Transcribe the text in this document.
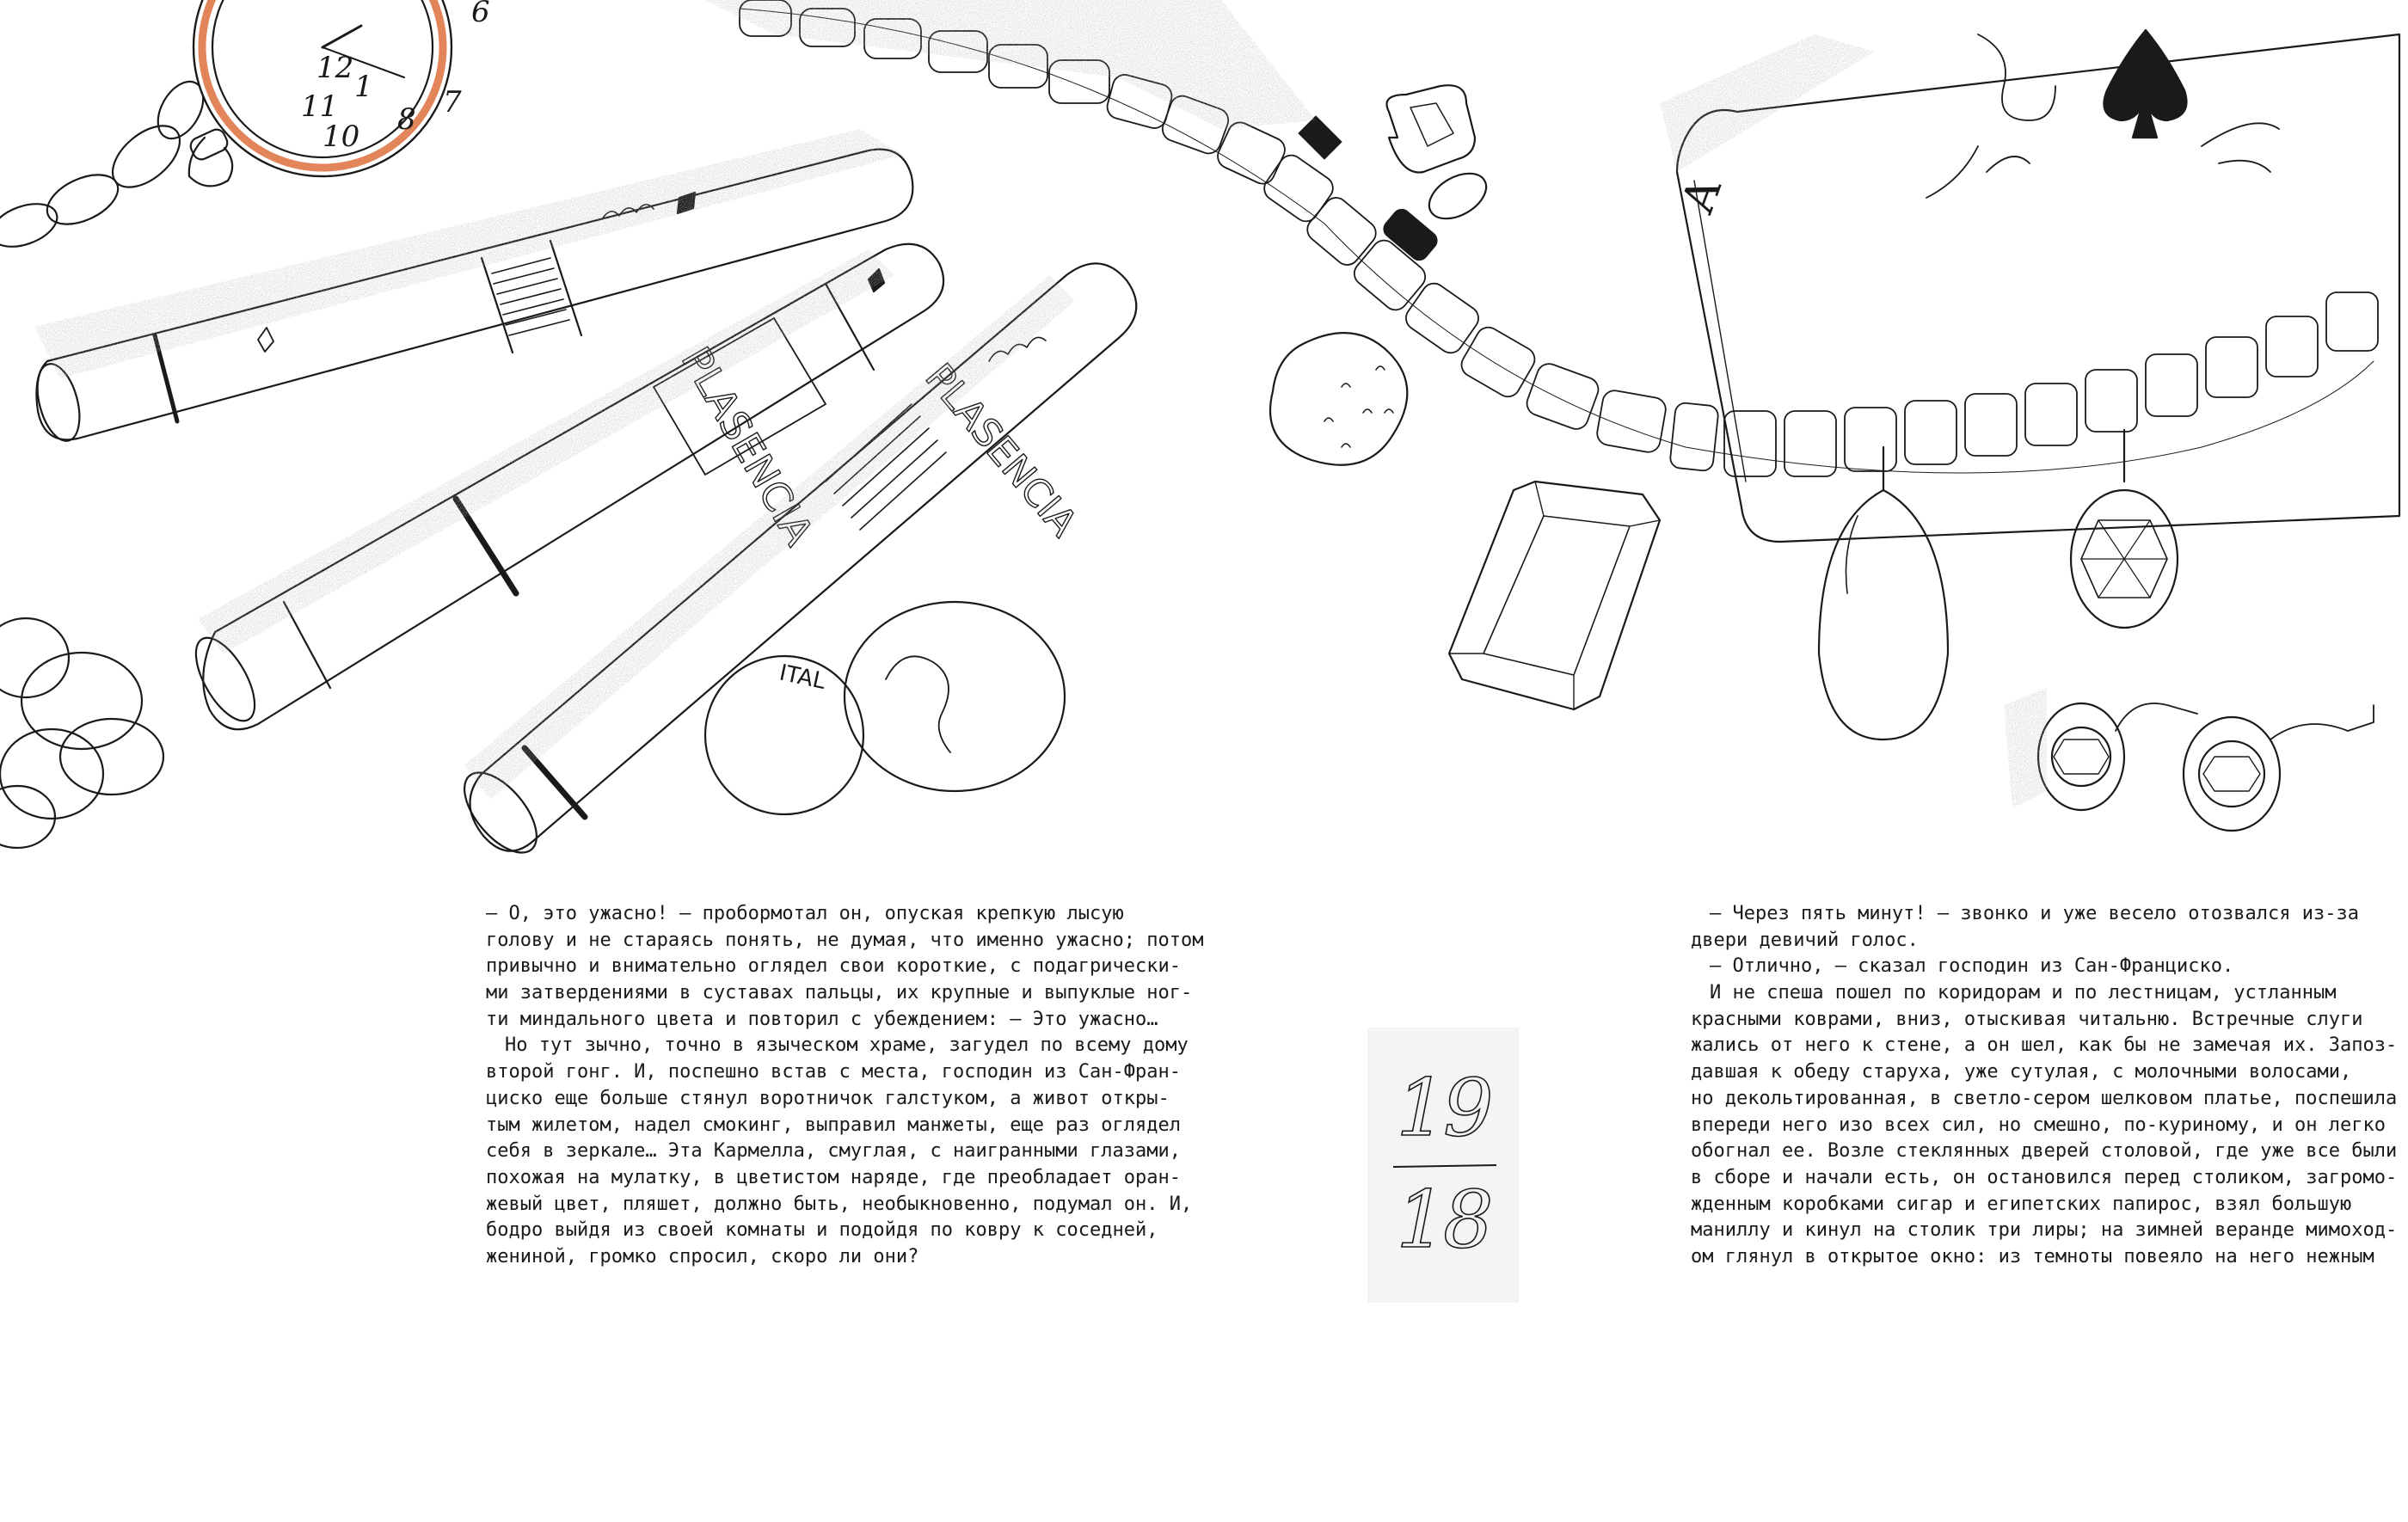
12
1
11
10 8 7
6
PLASENCIA PLASENCIA
ITAL
A
— О, это ужасно! — пробормотал он, опуская крепкую лысую
голову и не стараясь понять, не думая, что именно ужасно; потом
привычно и внимательно оглядел свои короткие, с подагрически-
ми затвердениями в суставах пальцы, их крупные и выпуклые ног-
ти миндального цвета и повторил с убеждением: — Это ужасно…
Но тут зычно, точно в языческом храме, загудел по всему дому
второй гонг. И, поспешно встав с места, господин из Сан-Фран-
циско еще больше стянул воротничок галстуком, а живот откры-
тым жилетом, надел смокинг, выправил манжеты, еще раз оглядел
себя в зеркале… Эта Кармелла, смуглая, с наигранными глазами,
похожая на мулатку, в цветистом наряде, где преобладает оран-
жевый цвет, пляшет, должно быть, необыкновенно, подумал он. И,
бодро выйдя из своей комнаты и подойдя по ковру к соседней,
жениной, громко спросил, скоро ли они?
19
18
— Через пять минут! — звонко и уже весело отозвался из-за
двери девичий голос.
— Отлично, — сказал господин из Сан-Франциско.
И не спеша пошел по коридорам и по лестницам, устланным
красными коврами, вниз, отыскивая читальню. Встречные слуги
жались от него к стене, а он шел, как бы не замечая их. Запоз-
давшая к обеду старуха, уже сутулая, с молочными волосами,
но декольтированная, в светло-сером шелковом платье, поспешила
впереди него изо всех сил, но смешно, по-куриному, и он легко
обогнал ее. Возле стеклянных дверей столовой, где уже все были
в сборе и начали есть, он остановился перед столиком, загромо-
жденным коробками сигар и египетских папирос, взял большую
маниллу и кинул на столик три лиры; на зимней веранде мимоход-
ом глянул в открытое окно: из темноты повеяло на него нежным
